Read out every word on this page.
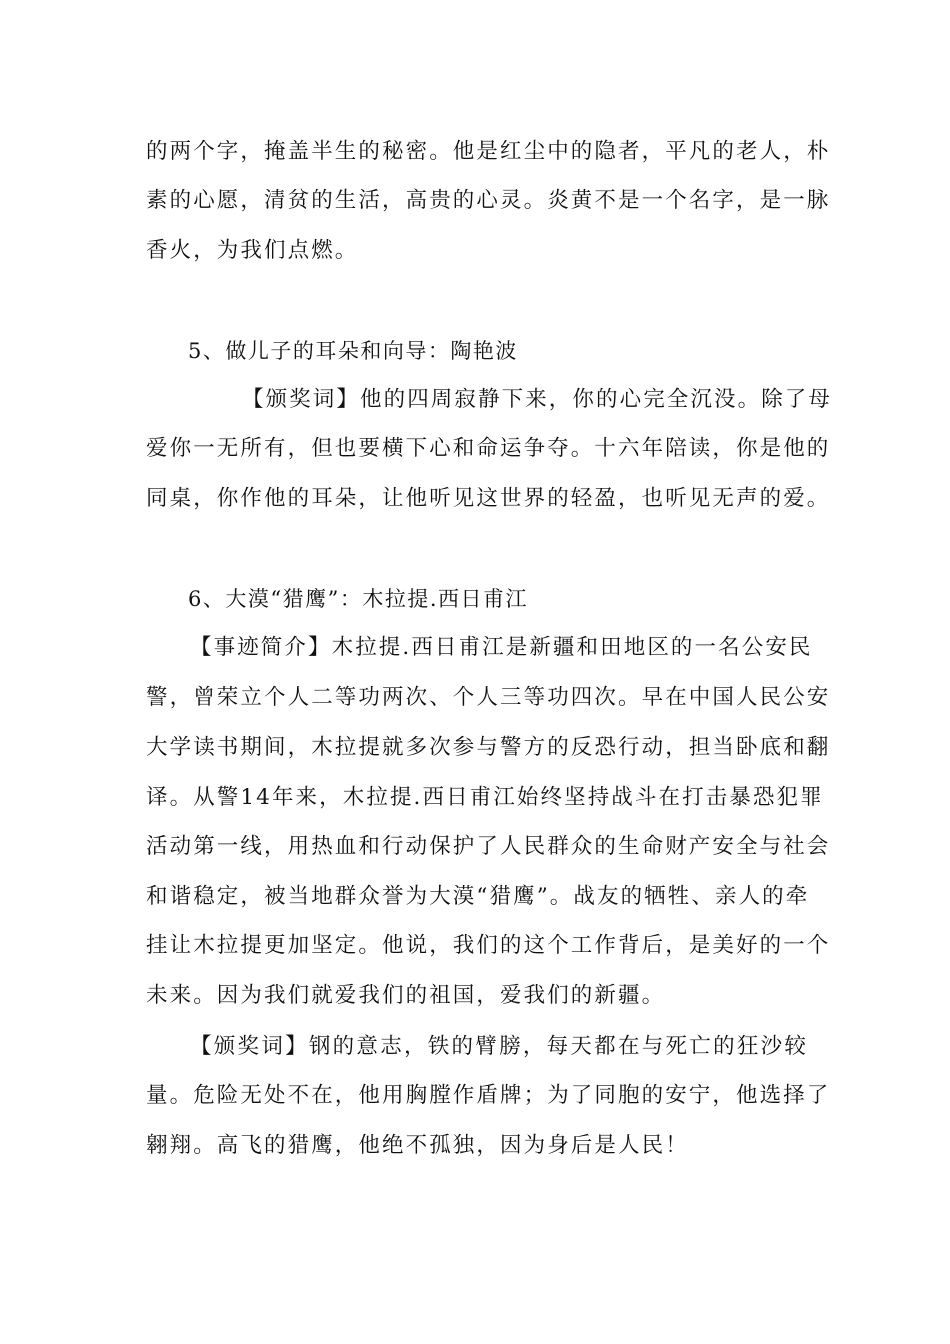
的两个字，掩盖半生的秘密。他是红尘中的隐者，平凡的老人，朴
素的心愿，清贫的生活，高贵的心灵。炎黄不是一个名字，是一脉
香火，为我们点燃。
5、做儿子的耳朵和向导：陶艳波
【颁奖词】他的四周寂静下来，你的心完全沉没。除了母
爱你一无所有，但也要横下心和命运争夺。十六年陪读，你是他的
同桌，你作他的耳朵，让他听见这世界的轻盈，也听见无声的爱。
6、大漠“猎鹰”：木拉提.西日甫江
【事迹简介】木拉提.西日甫江是新疆和田地区的一名公安民
警，曾荣立个人二等功两次、个人三等功四次。早在中国人民公安
大学读书期间，木拉提就多次参与警方的反恐行动，担当卧底和翻
译。从警14年来，木拉提.西日甫江始终坚持战斗在打击暴恐犯罪
活动第一线，用热血和行动保护了人民群众的生命财产安全与社会
和谐稳定，被当地群众誉为大漠“猎鹰”。战友的牺牲、亲人的牵
挂让木拉提更加坚定。他说，我们的这个工作背后，是美好的一个
未来。因为我们就爱我们的祖国，爱我们的新疆。
【颁奖词】钢的意志，铁的臂膀，每天都在与死亡的狂沙较
量。危险无处不在，他用胸膛作盾牌；为了同胞的安宁，他选择了
翱翔。高飞的猎鹰，他绝不孤独，因为身后是人民！
